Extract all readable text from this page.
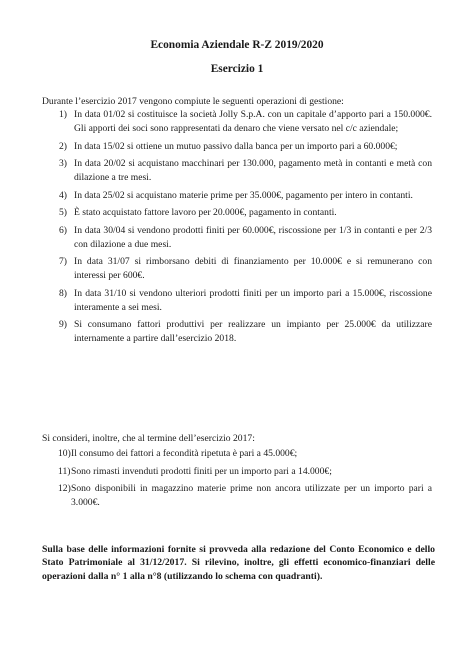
Economia Aziendale R-Z 2019/2020
Esercizio 1
Durante l’esercizio 2017 vengono compiute le seguenti operazioni di gestione:
1) In data 01/02 si costituisce la società Jolly S.p.A. con un capitale d’apporto pari a 150.000€. Gli apporti dei soci sono rappresentati da denaro che viene versato nel c/c aziendale;
2) In data 15/02 si ottiene un mutuo passivo dalla banca per un importo pari a 60.000€;
3) In data 20/02 si acquistano macchinari per 130.000, pagamento metà in contanti e metà con dilazione a tre mesi.
4) In data 25/02 si acquistano materie prime per 35.000€, pagamento per intero in contanti.
5) È stato acquistato fattore lavoro per 20.000€, pagamento in contanti.
6) In data 30/04 si vendono prodotti finiti per 60.000€, riscossione per 1/3 in contanti e per 2/3 con dilazione a due mesi.
7) In data 31/07 si rimborsano debiti di finanziamento per 10.000€ e si remunerano con interessi per 600€.
8) In data 31/10 si vendono ulteriori prodotti finiti per un importo pari a 15.000€, riscossione interamente a sei mesi.
9) Si consumano fattori produttivi per realizzare un impianto per 25.000€ da utilizzare internamente a partire dall’esercizio 2018.
Si consideri, inoltre, che al termine dell’esercizio 2017:
10) Il consumo dei fattori a fecondità ripetuta è pari a 45.000€;
11) Sono rimasti invenduti prodotti finiti per un importo pari a 14.000€;
12) Sono disponibili in magazzino materie prime non ancora utilizzate per un importo pari a 3.000€.
Sulla base delle informazioni fornite si provveda alla redazione del Conto Economico e dello Stato Patrimoniale al 31/12/2017. Si rilevino, inoltre, gli effetti economico-finanziari delle operazioni dalla n° 1 alla n°8 (utilizzando lo schema con quadranti).
